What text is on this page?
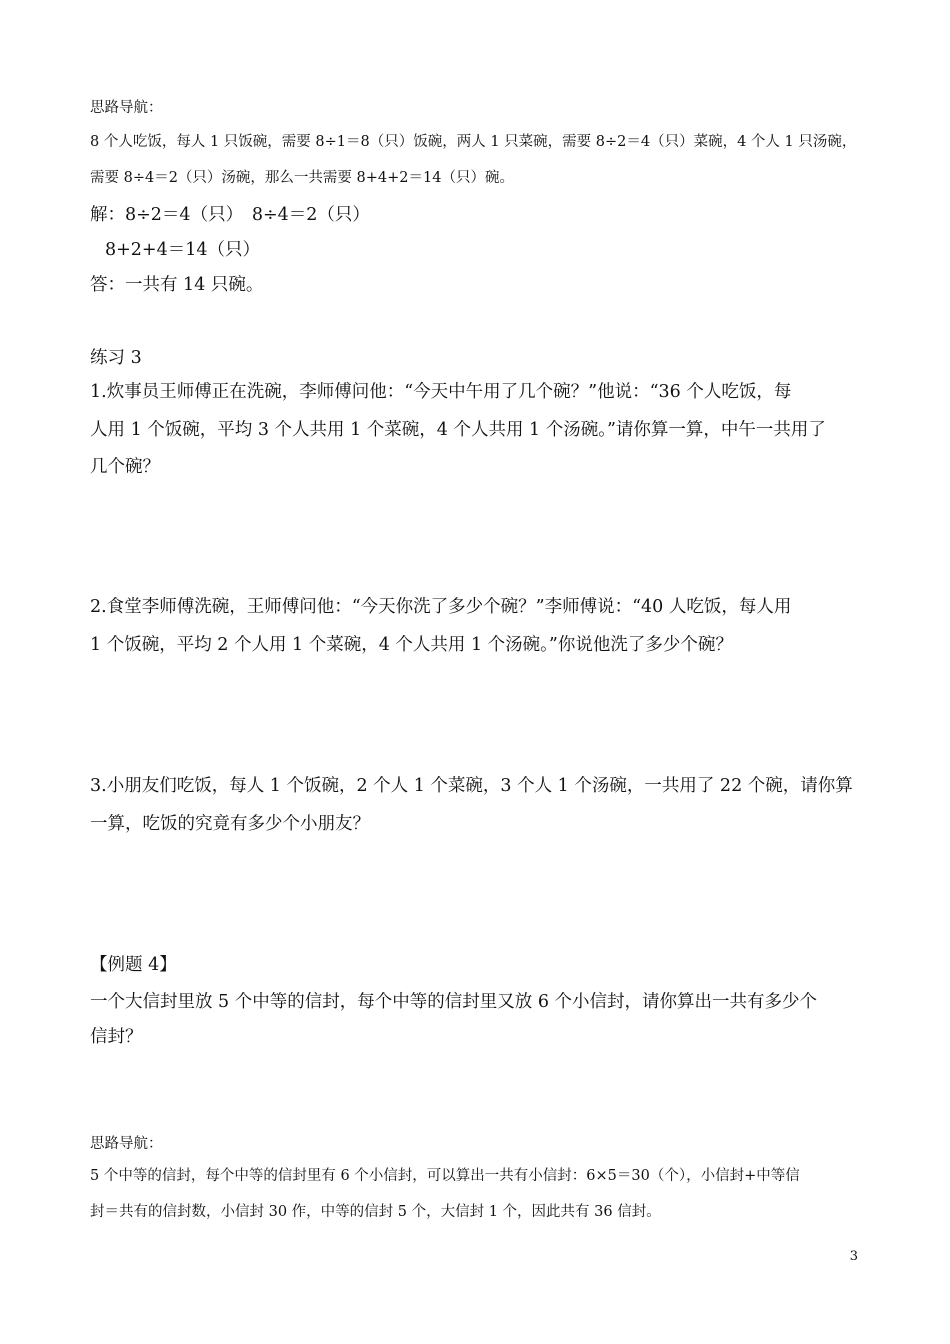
思路导航：
8 个人吃饭，每人 1 只饭碗，需要 8÷1＝8（只）饭碗，两人 1 只菜碗，需要 8÷2＝4（只）菜碗，4 个人 1 只汤碗，
需要 8÷4＝2（只）汤碗，那么一共需要 8+4+2＝14（只）碗。
解：8÷2＝4（只）　8÷4＝2（只）
8+2+4＝14（只）
答：一共有 14 只碗。
练习 3
1.炊事员王师傅正在洗碗，李师傅问他：“今天中午用了几个碗？”他说：“36 个人吃饭，每
人用 1 个饭碗，平均 3 个人共用 1 个菜碗，4 个人共用 1 个汤碗。”请你算一算，中午一共用了
几个碗？
2.食堂李师傅洗碗，王师傅问他：“今天你洗了多少个碗？”李师傅说：“40 人吃饭，每人用
1 个饭碗，平均 2 个人用 1 个菜碗，4 个人共用 1 个汤碗。”你说他洗了多少个碗？
3.小朋友们吃饭，每人 1 个饭碗，2 个人 1 个菜碗，3 个人 1 个汤碗，一共用了 22 个碗，请你算
一算，吃饭的究竟有多少个小朋友？
【例题 4】
一个大信封里放 5 个中等的信封，每个中等的信封里又放 6 个小信封，请你算出一共有多少个
信封？
思路导航：
5 个中等的信封，每个中等的信封里有 6 个小信封，可以算出一共有小信封：6×5＝30（个），小信封+中等信
封＝共有的信封数，小信封 30 作，中等的信封 5 个，大信封 1 个，因此共有 36 信封。
3
